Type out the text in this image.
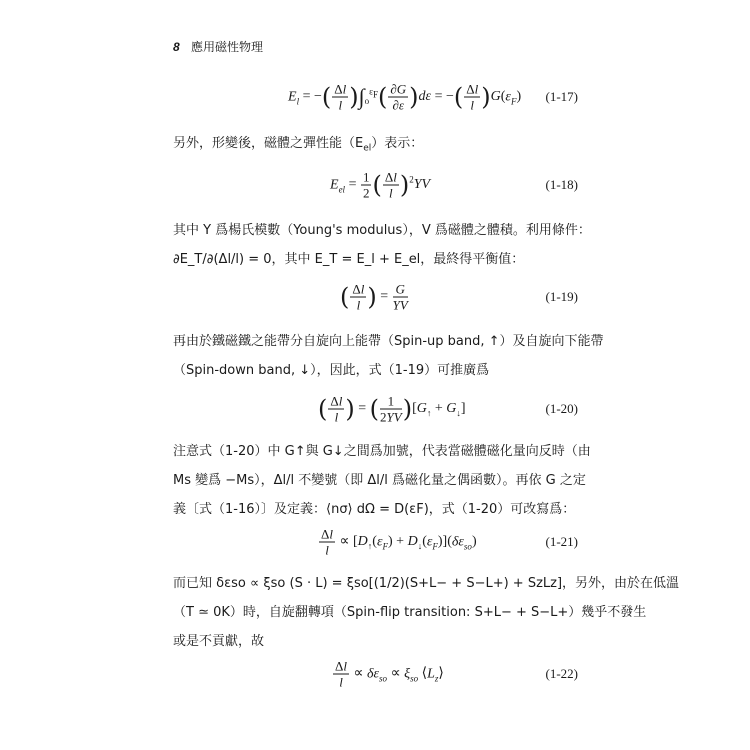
8 應用磁性物理
$E_l$ = −( $\frac{\Delta l}{l} )\int_o^{\varepsilon_F}( \frac{\partial G}{\partial\varepsilon} )d\varepsilon$ = −( $\frac{\Delta l}{l} )G(\varepsilon_F)$ (1-17)

另外，形變後，磁體之彈性能$(E_{el})$表示：

$E_{el} = \frac{1}{2}$ ( $\frac{\Delta l}{l} )^2YV$	(1-18)

其中 Y 爲楊氏模數（Young's modulus），V 爲磁體之體積。利用條件：

∂E_T/∂(Δl/l) = 0，其中 E_T = E_l + E_el，最終得平衡值：

( $\frac{\Delta l}{l}$ ) = $\frac{G}{YV}$	(1-19)

再由於鐵磁鐵之能帶分自旋向上能帶（Spin-up band, ↑）及自旋向下能帶

（Spin-down band, ↓），因此，式（1-19）可推廣爲

( $\frac{\Delta l}{l}$ ) = ( $\frac{1}{2YV} )[G_↑ + G_↓]$	(1-20)

注意式（1-20）中 G↑與 G↓之間爲加號，代表當磁體磁化量向反時（由

Ms 變爲 −Ms），Δl/l 不變號（即 Δl/l 爲磁化量之偶函數）。再依 G 之定

義〔式（1-16）〕及定義：⟨nσ⟩ dΩ = D(εF)，式（1-20）可改寫爲：

$\frac{\Delta l}{l} \propto [D_↑(\varepsilon_F) + D_↓(\varepsilon_F)](\delta\varepsilon_{so})$	(1-21)

而已知 δεso ∝ ξso (S · L) = ξso[(1/2)(S+L− + S−L+) + SzLz]，另外，由於在低溫

（T ≃ 0K）時，自旋翻轉項（Spin-flip transition: S+L− + S−L+）幾乎不發生

或是不貢獻，故

$\frac{\Delta l}{l} \propto \delta\varepsilon_{so} \propto \xi_{so}$ $⟨L_z⟩$	(1-22)
